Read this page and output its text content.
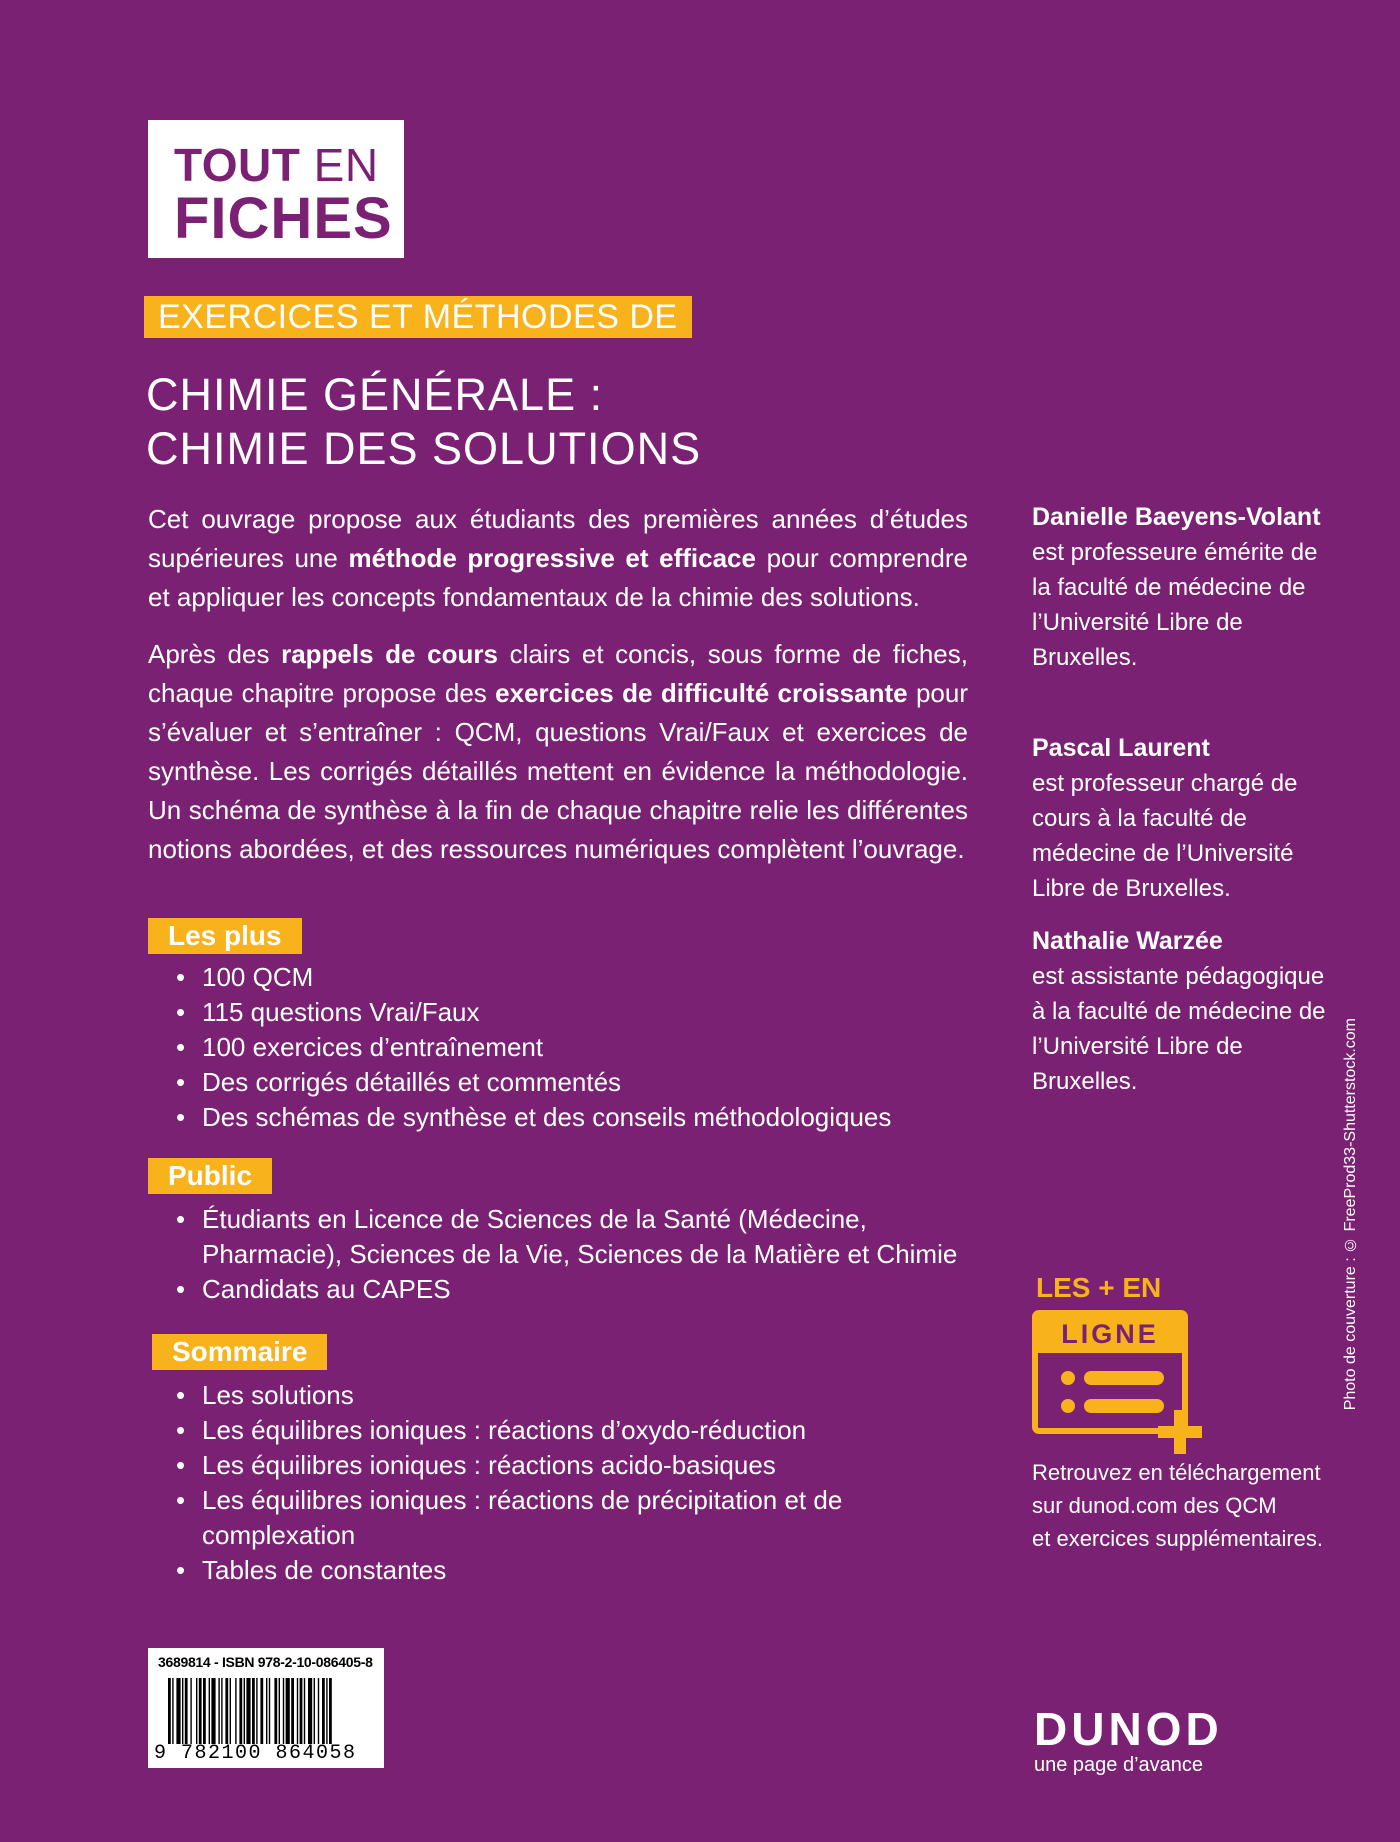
TOUT EN
FICHES
EXERCICES ET MÉTHODES DE
CHIMIE GÉNÉRALE :
CHIMIE DES SOLUTIONS

Cet ouvrage propose aux étudiants des premières années d’études supérieures une méthode progressive et efficace pour comprendre et appliquer les concepts fondamentaux de la chimie des solutions.

Après des rappels de cours clairs et concis, sous forme de fiches, chaque chapitre propose des exercices de difficulté croissante pour s’évaluer et s’entraîner : QCM, questions Vrai/Faux et exercices de synthèse. Les corrigés détaillés mettent en évidence la méthodologie. Un schéma de synthèse à la fin de chaque chapitre relie les différentes notions abordées, et des ressources numériques complètent l’ouvrage.

Les plus
• 100 QCM
• 115 questions Vrai/Faux
• 100 exercices d’entraînement
• Des corrigés détaillés et commentés
• Des schémas de synthèse et des conseils méthodologiques
Public
• Étudiants en Licence de Sciences de la Santé (Médecine, Pharmacie), Sciences de la Vie, Sciences de la Matière et Chimie
• Candidats au CAPES
Sommaire
• Les solutions
• Les équilibres ioniques : réactions d’oxydo-réduction
• Les équilibres ioniques : réactions acido-basiques
• Les équilibres ioniques : réactions de précipitation et de complexation
• Tables de constantes
Danielle Baeyens-Volant
est professeure émérite de la faculté de médecine de l’Université Libre de Bruxelles.
Pascal Laurent
est professeur chargé de cours à la faculté de médecine de l’Université Libre de Bruxelles.
Nathalie Warzée
est assistante pédagogique à la faculté de médecine de l’Université Libre de Bruxelles.	Photo de couverture : © FreeProd33-Shutterstock.com
LES + EN
LIGNE
Retrouvez en téléchargement
sur dunod.com des QCM
et exercices supplémentaires.
3689814 - ISBN 978-2-10-086405-8
9 782100 864058	DUNOD
une page d’avance
